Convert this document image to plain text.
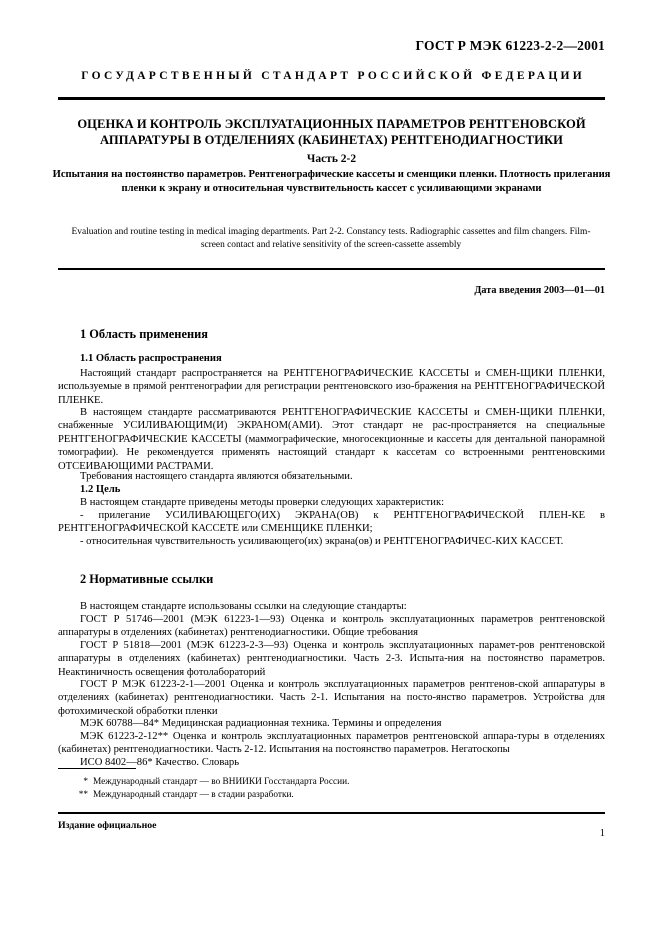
ГОСТ Р МЭК 61223-2-2—2001
ГОСУДАРСТВЕННЫЙ СТАНДАРТ РОССИЙСКОЙ ФЕДЕРАЦИИ
ОЦЕНКА И КОНТРОЛЬ ЭКСПЛУАТАЦИОННЫХ ПАРАМЕТРОВ РЕНТГЕНОВСКОЙ АППАРАТУРЫ В ОТДЕЛЕНИЯХ (КАБИНЕТАХ) РЕНТГЕНОДИАГНОСТИКИ
Часть 2-2
Испытания на постоянство параметров. Рентгенографические кассеты и сменщики пленки. Плотность прилегания пленки к экрану и относительная чувствительность кассет с усиливающими экранами
Evaluation and routine testing in medical imaging departments. Part 2-2. Constancy tests. Radiographic cassettes and film changers. Film-screen contact and relative sensitivity of the screen-cassette assembly
Дата введения 2003—01—01
1 Область применения
1.1 Область распространения

Настоящий стандарт распространяется на РЕНТГЕНОГРАФИЧЕСКИЕ КАССЕТЫ и СМЕН-ЩИКИ ПЛЕНКИ, используемые в прямой рентгенографии для регистрации рентгеновского изо-бражения на РЕНТГЕНОГРАФИЧЕСКОЙ ПЛЕНКЕ.

В настоящем стандарте рассматриваются РЕНТГЕНОГРАФИЧЕСКИЕ КАССЕТЫ и СМЕН-ЩИКИ ПЛЕНКИ, снабженные УСИЛИВАЮЩИМ(И) ЭКРАНОМ(АМИ). Этот стандарт не рас-пространяется на специальные РЕНТГЕНОГРАФИЧЕСКИЕ КАССЕТЫ (маммографические, многосекционные и кассеты для дентальной панорамной томографии). Не рекомендуется применять настоящий стандарт к кассетам со встроенными рентгеновскими ОТСЕИВАЮЩИМИ РАСТРАМИ.

Требования настоящего стандарта являются обязательными.

1.2 Цель

В настоящем стандарте приведены методы проверки следующих характеристик:

- прилегание УСИЛИВАЮЩЕГО(ИХ) ЭКРАНА(ОВ) к РЕНТГЕНОГРАФИЧЕСКОЙ ПЛЕН-КЕ в РЕНТГЕНОГРАФИЧЕСКОЙ КАССЕТЕ или СМЕНЩИКЕ ПЛЕНКИ;

- относительная чувствительность усиливающего(их) экрана(ов) и РЕНТГЕНОГРАФИЧЕС-КИХ КАССЕТ.

2 Нормативные ссылки

В настоящем стандарте использованы ссылки на следующие стандарты:

ГОСТ Р 51746—2001 (МЭК 61223-1—93) Оценка и контроль эксплуатационных параметров рентгеновской аппаратуры в отделениях (кабинетах) рентгенодиагностики. Общие требования

ГОСТ Р 51818—2001 (МЭК 61223-2-3—93) Оценка и контроль эксплуатационных парамет-ров рентгеновской аппаратуры в отделениях (кабинетах) рентгенодиагностики. Часть 2-3. Испыта-ния на постоянство параметров. Неактиничность освещения фотолабораторий

ГОСТ Р МЭК 61223-2-1—2001 Оценка и контроль эксплуатационных параметров рентгенов-ской аппаратуры в отделениях (кабинетах) рентгенодиагностики. Часть 2-1. Испытания на посто-янство параметров. Устройства для фотохимической обработки пленки

МЭК 60788—84* Медицинская радиационная техника. Термины и определения

МЭК 61223-2-12** Оценка и контроль эксплуатационных параметров рентгеновской аппара-туры в отделениях (кабинетах) рентгенодиагностики. Часть 2-12. Испытания на постоянство параметров. Негатоскопы

ИСО 8402—86* Качество. Словарь

* Международный стандарт — во ВНИИКИ Госстандарта России.
** Международный стандарт — в стадии разработки.
Издание официальное
1
